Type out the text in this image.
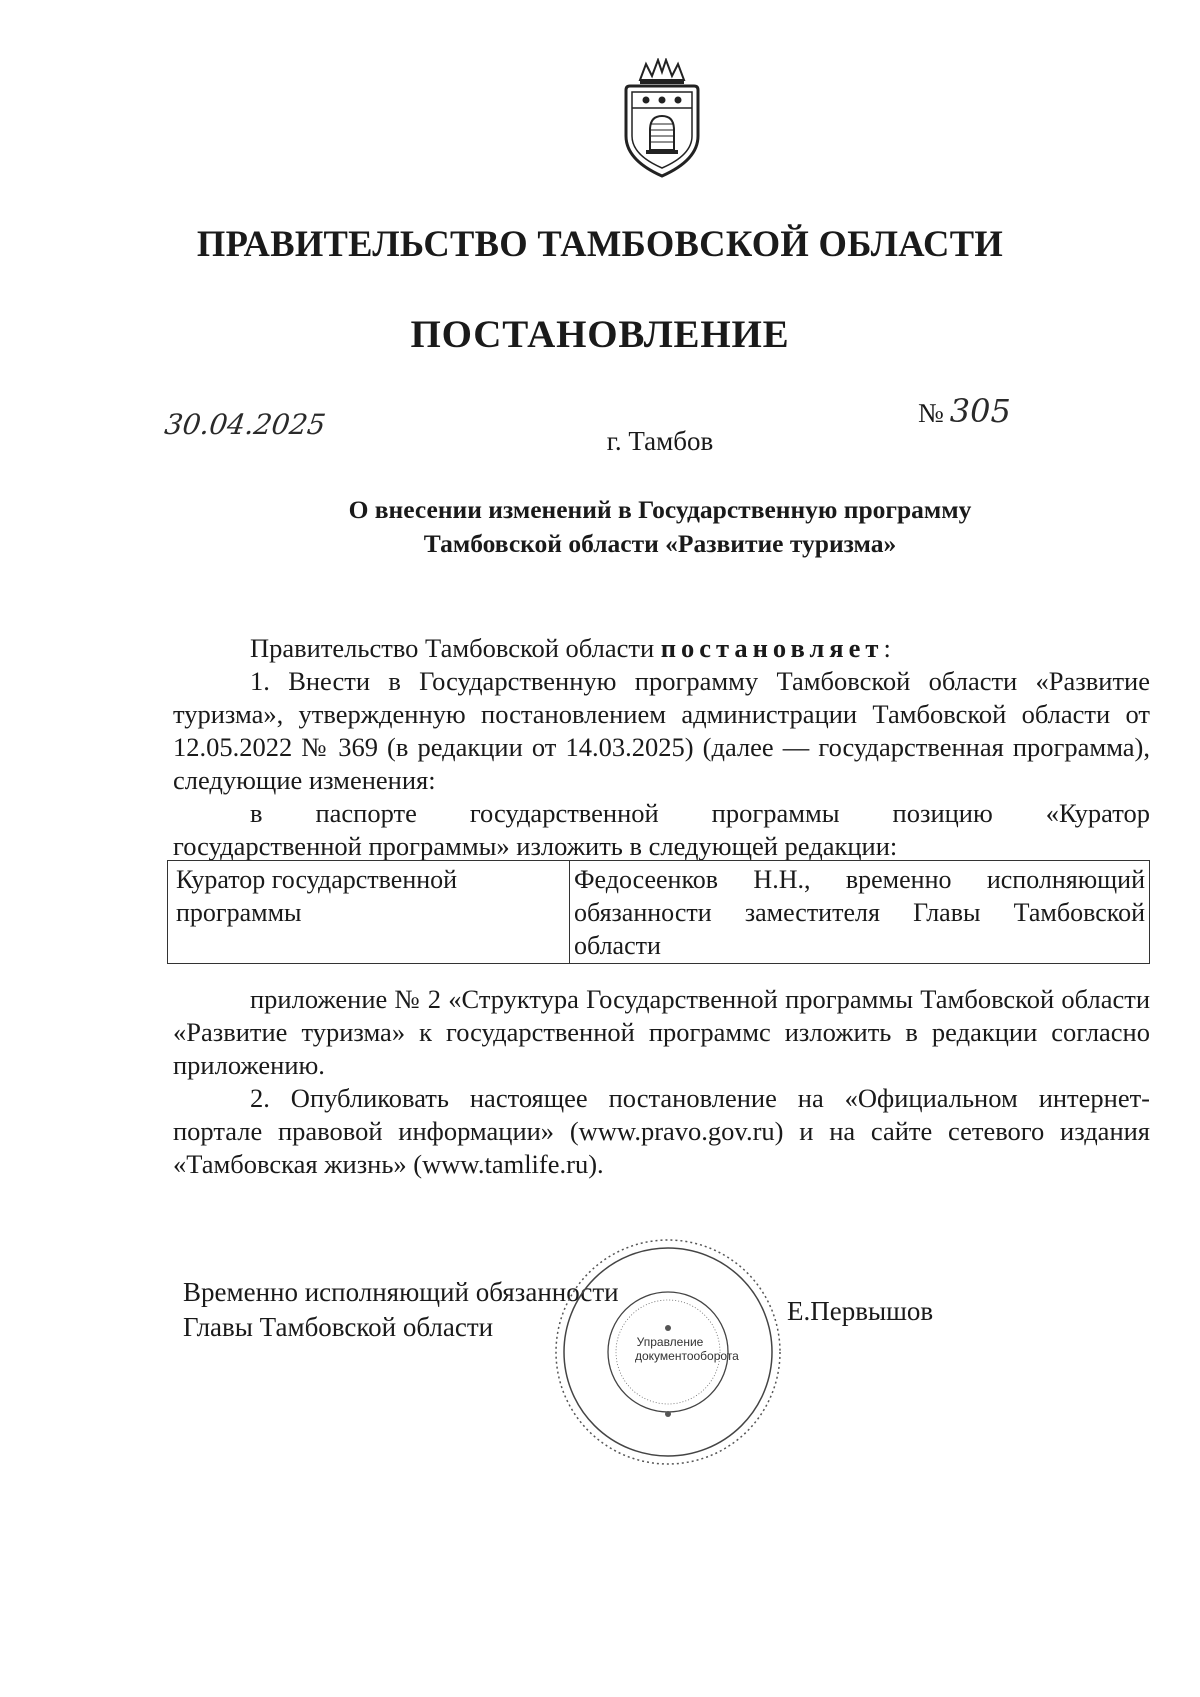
ПРАВИТЕЛЬСТВО ТАМБОВСКОЙ ОБЛАСТИ
ПОСТАНОВЛЕНИЕ
30.04.2025	№ 305
г. Тамбов
О внесении изменений в Государственную программу
Тамбовской области «Развитие туризма»

Правительство Тамбовской области постановляет:

1. Внести в Государственную программу Тамбовской области «Развитие туризма», утвержденную постановлением администрации Тамбовской области от 12.05.2022 № 369 (в редакции от 14.03.2025) (далее — государственная программа), следующие изменения:

в паспорте государственной программы позицию «Куратор
государственной программы» изложить в следующей редакции:
Куратор государственной программы
Федосеенков Н.Н., временно исполняющий обязанности заместителя Главы Тамбовской области

приложение № 2 «Структура Государственной программы Тамбовской области «Развитие туризма» к государственной программс изложить в редакции согласно приложению.

2. Опубликовать настоящее постановление на «Официальном интернет-портале правовой информации» (www.pravo.gov.ru) и на сайте сетевого издания «Тамбовская жизнь» (www.tamlife.ru).

Временно исполняющий обязанности
Главы Тамбовской области
Е.Первышов
Управление документооборота
